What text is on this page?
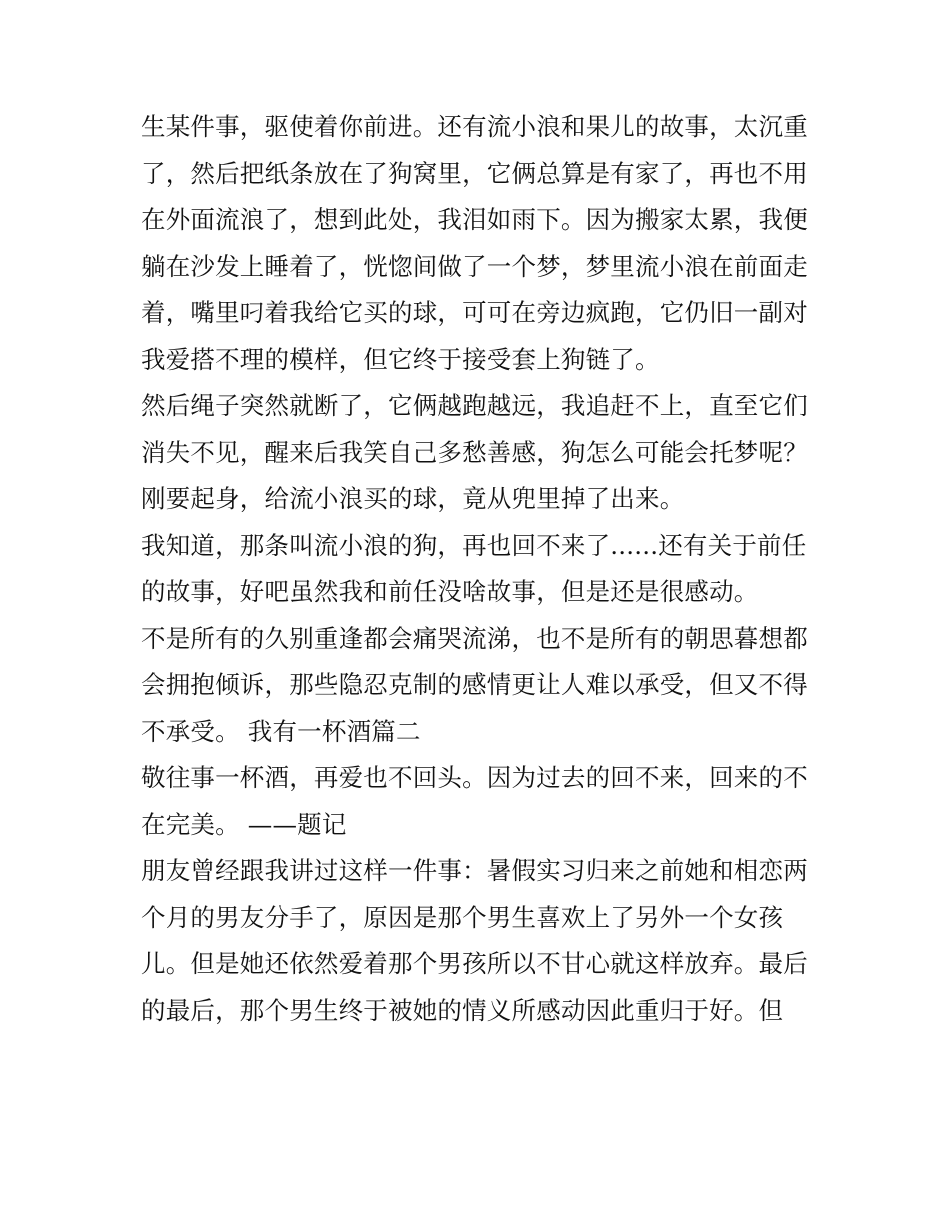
生某件事，驱使着你前进。还有流小浪和果儿的故事，太沉重
了，然后把纸条放在了狗窝里，它俩总算是有家了，再也不用
在外面流浪了，想到此处，我泪如雨下。因为搬家太累，我便
躺在沙发上睡着了，恍惚间做了一个梦，梦里流小浪在前面走
着，嘴里叼着我给它买的球，可可在旁边疯跑，它仍旧一副对
我爱搭不理的模样，但它终于接受套上狗链了。
然后绳子突然就断了，它俩越跑越远，我追赶不上，直至它们
消失不见，醒来后我笑自己多愁善感，狗怎么可能会托梦呢？
刚要起身，给流小浪买的球，竟从兜里掉了出来。
我知道，那条叫流小浪的狗，再也回不来了......还有关于前任
的故事，好吧虽然我和前任没啥故事，但是还是很感动。
不是所有的久别重逢都会痛哭流涕，也不是所有的朝思暮想都
会拥抱倾诉，那些隐忍克制的感情更让人难以承受，但又不得
不承受。 我有一杯酒篇二
敬往事一杯酒，再爱也不回头。因为过去的回不来，回来的不
在完美。 ——题记
朋友曾经跟我讲过这样一件事：暑假实习归来之前她和相恋两
个月的男友分手了，原因是那个男生喜欢上了另外一个女孩
儿。但是她还依然爱着那个男孩所以不甘心就这样放弃。最后
的最后，那个男生终于被她的情义所感动因此重归于好。但
